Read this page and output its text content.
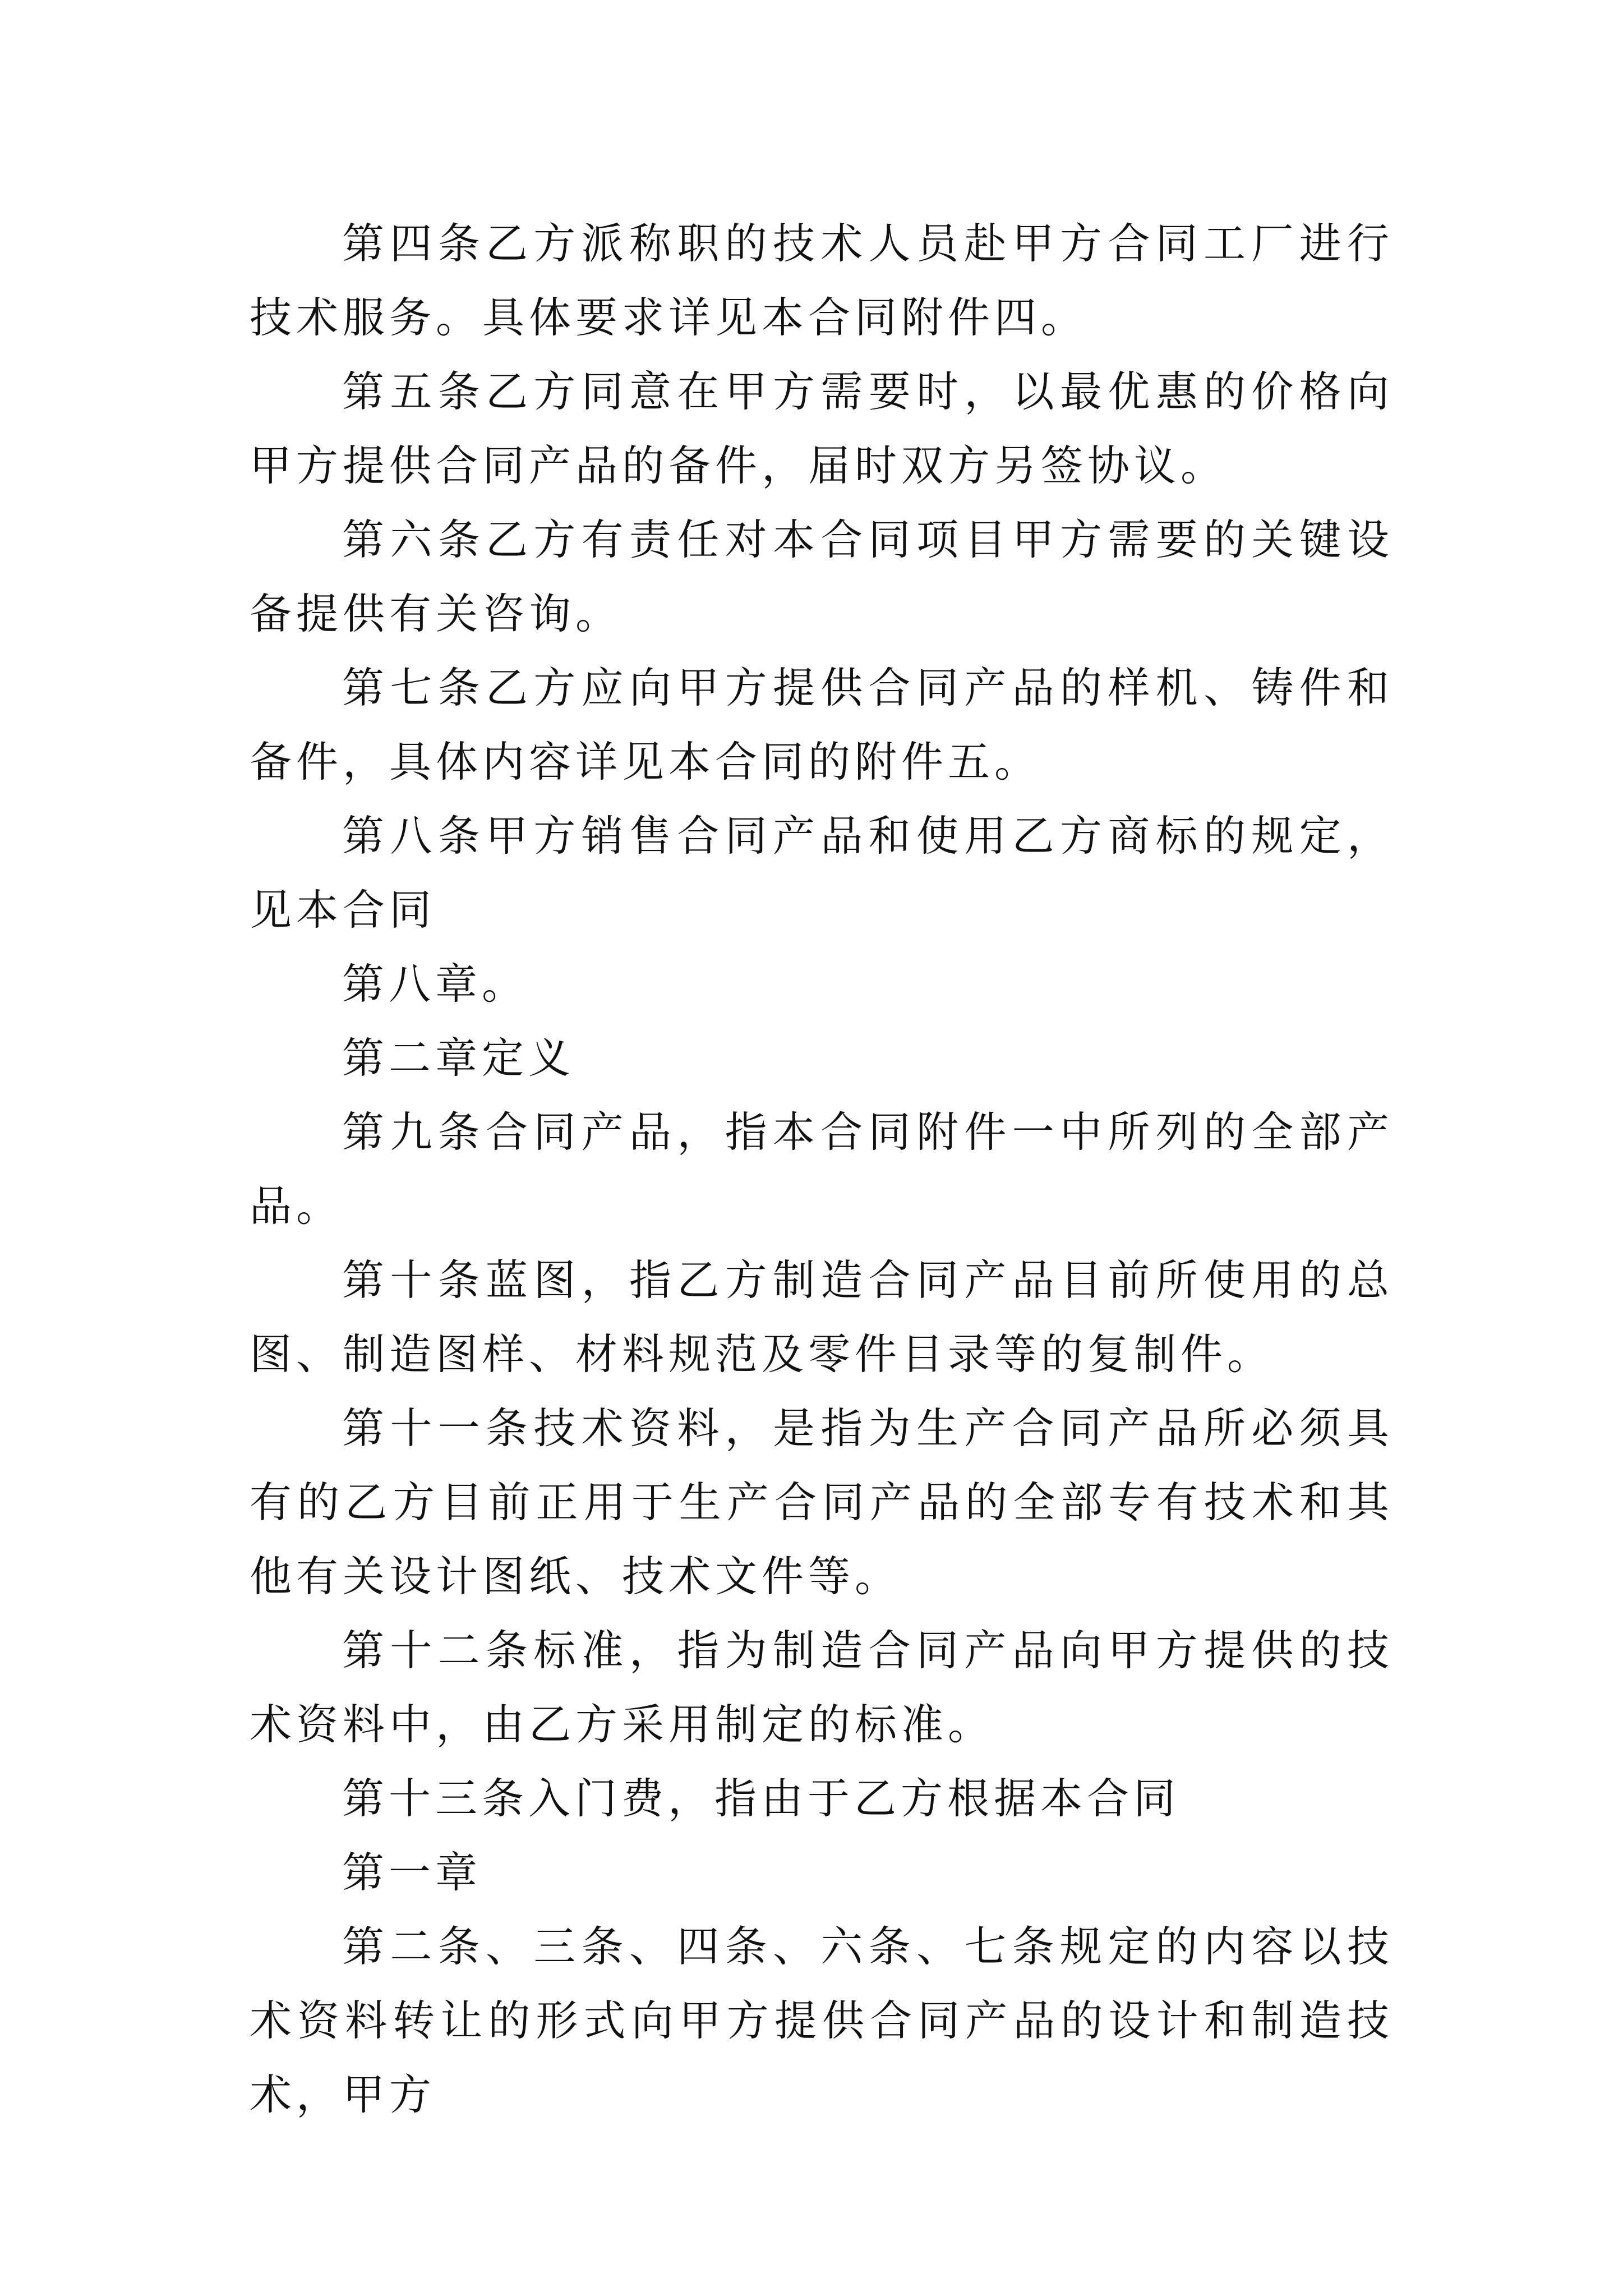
第四条乙方派称职的技术人员赴甲方合同工厂进行技术服务。具体要求详见本合同附件四。

第五条乙方同意在甲方需要时，以最优惠的价格向甲方提供合同产品的备件，届时双方另签协议。

第六条乙方有责任对本合同项目甲方需要的关键设备提供有关咨询。

第七条乙方应向甲方提供合同产品的样机、铸件和备件，具体内容详见本合同的附件五。

第八条甲方销售合同产品和使用乙方商标的规定，见本合同

第八章。

第二章定义

第九条合同产品，指本合同附件一中所列的全部产品。

第十条蓝图，指乙方制造合同产品目前所使用的总图、制造图样、材料规范及零件目录等的复制件。

第十一条技术资料，是指为生产合同产品所必须具有的乙方目前正用于生产合同产品的全部专有技术和其他有关设计图纸、技术文件等。

第十二条标准，指为制造合同产品向甲方提供的技术资料中，由乙方采用制定的标准。

第十三条入门费，指由于乙方根据本合同

第一章

第二条、三条、四条、六条、七条规定的内容以技术资料转让的形式向甲方提供合同产品的设计和制造技术，甲方
